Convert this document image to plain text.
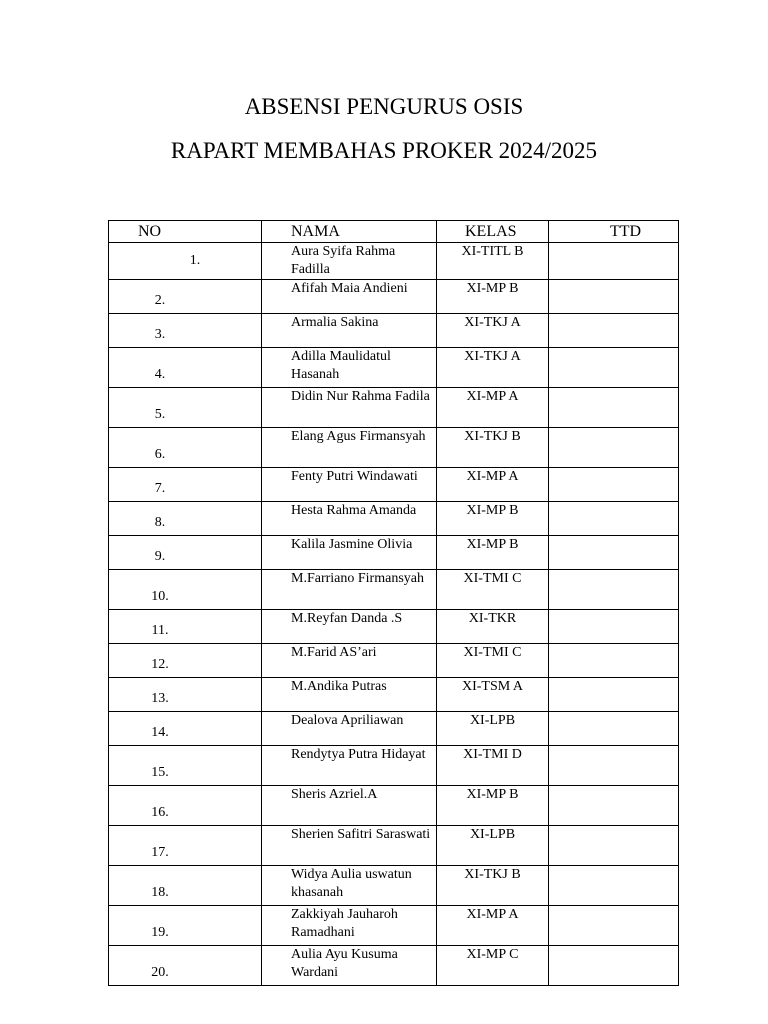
ABSENSI PENGURUS OSIS
RAPART MEMBAHAS PROKER 2024/2025
NO	NAMA	KELAS	TTD
1.	Aura Syifa Rahma Fadilla	XI-TITL B	
2.	Afifah Maia Andieni	XI-MP B	
3.	Armalia Sakina	XI-TKJ A	
4.	Adilla Maulidatul Hasanah	XI-TKJ A	
5.	Didin Nur Rahma Fadila	XI-MP A	
6.	Elang Agus Firmansyah	XI-TKJ B	
7.	Fenty Putri Windawati	XI-MP A	
8.	Hesta Rahma Amanda	XI-MP B	
9.	Kalila Jasmine Olivia	XI-MP B	
10.	M.Farriano Firmansyah	XI-TMI C	
11.	M.Reyfan Danda .S	XI-TKR	
12.	M.Farid AS’ari	XI-TMI C	
13.	M.Andika Putras	XI-TSM A	
14.	Dealova Apriliawan	XI-LPB	
15.	Rendytya Putra Hidayat	XI-TMI D	
16.	Sheris Azriel.A	XI-MP B	
17.	Sherien Safitri Saraswati	XI-LPB	
18.	Widya Aulia uswatun khasanah	XI-TKJ B	
19.	Zakkiyah Jauharoh Ramadhani	XI-MP A	
20.	Aulia Ayu Kusuma Wardani	XI-MP C	
